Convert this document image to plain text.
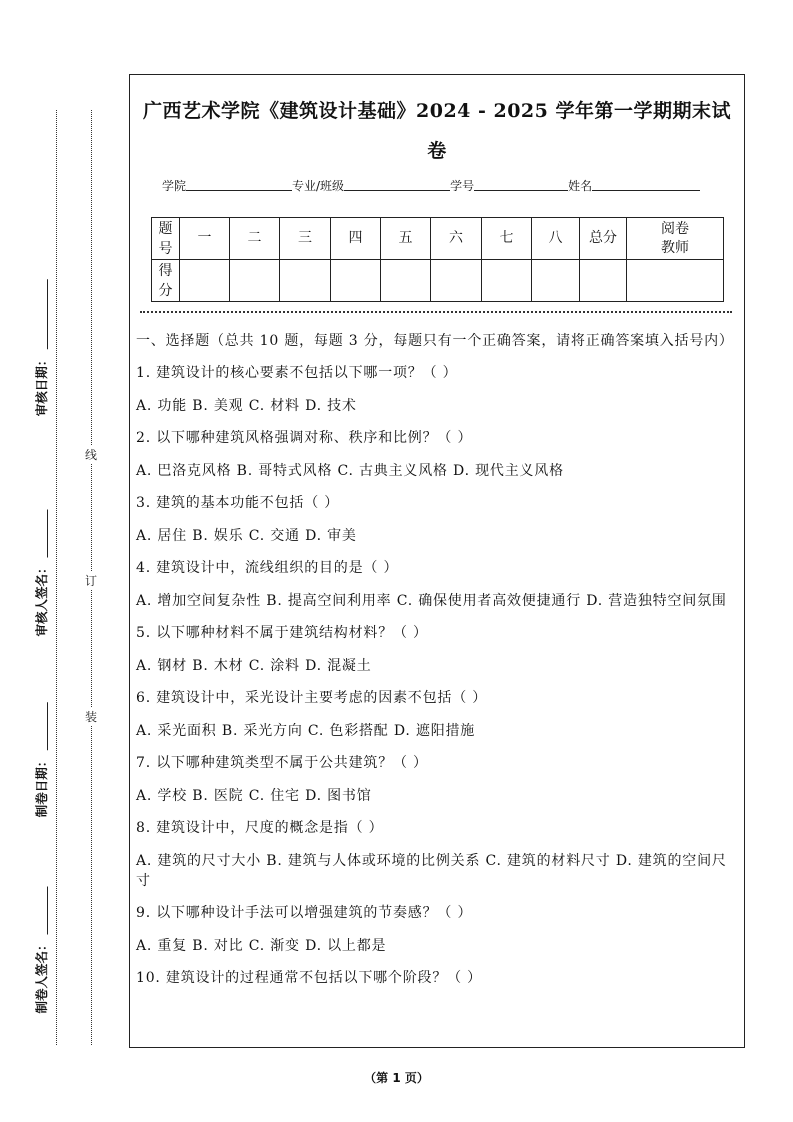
审核日期：
审核人签名：
制卷日期：
制卷人签名：
线
订
装
广西艺术学院《建筑设计基础》2024 - 2025 学年第一学期期末试
卷
学院	专业/班级	学号	姓名
题号	一	二	三	四	五	六	七	八	总分	阅卷教师

得分										

一、选择题（总共 10 题，每题 3 分，每题只有一个正确答案，请将正确答案填入括号内）

1. 建筑设计的核心要素不包括以下哪一项？（ ）

A. 功能 B. 美观 C. 材料 D. 技术

2. 以下哪种建筑风格强调对称、秩序和比例？（ ）

A. 巴洛克风格 B. 哥特式风格 C. 古典主义风格 D. 现代主义风格

3. 建筑的基本功能不包括（ ）

A. 居住 B. 娱乐 C. 交通 D. 审美

4. 建筑设计中，流线组织的目的是（ ）

A. 增加空间复杂性 B. 提高空间利用率 C. 确保使用者高效便捷通行 D. 营造独特空间氛围

5. 以下哪种材料不属于建筑结构材料？（ ）

A. 钢材 B. 木材 C. 涂料 D. 混凝土

6. 建筑设计中，采光设计主要考虑的因素不包括（ ）

A. 采光面积 B. 采光方向 C. 色彩搭配 D. 遮阳措施

7. 以下哪种建筑类型不属于公共建筑？（ ）

A. 学校 B. 医院 C. 住宅 D. 图书馆

8. 建筑设计中，尺度的概念是指（ ）

A. 建筑的尺寸大小 B. 建筑与人体或环境的比例关系 C. 建筑的材料尺寸 D. 建筑的空间尺寸

9. 以下哪种设计手法可以增强建筑的节奏感？（ ）

A. 重复 B. 对比 C. 渐变 D. 以上都是

10. 建筑设计的过程通常不包括以下哪个阶段？（ ）

（第 1 页）
